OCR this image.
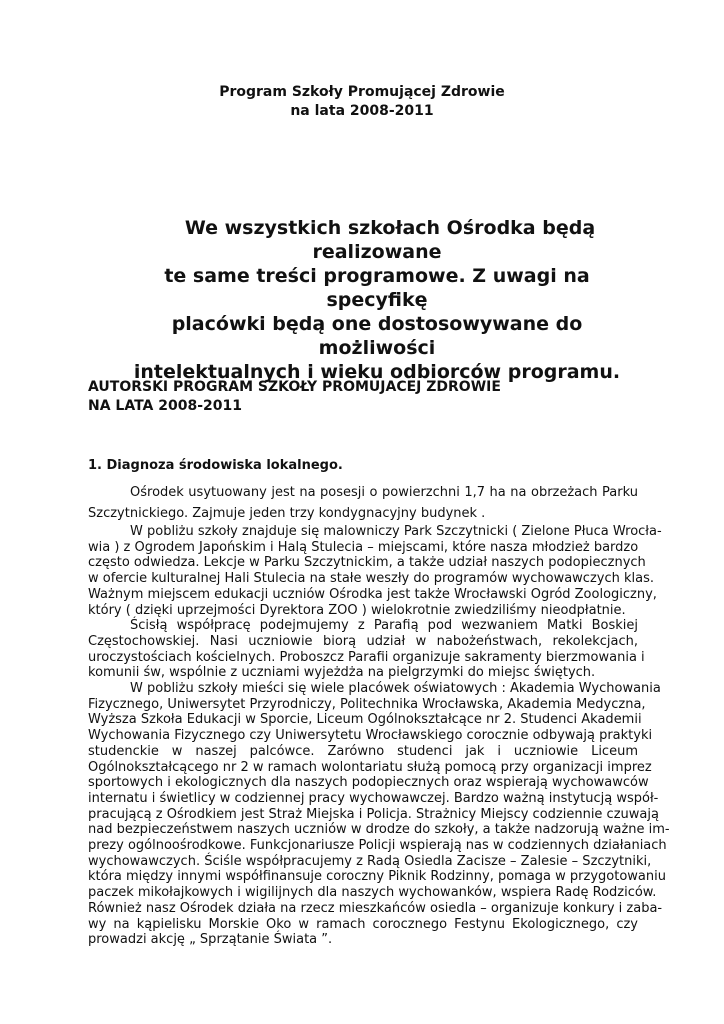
Program Szkoły Promującej Zdrowie
na lata 2008-2011
We wszystkich szkołach Ośrodka będą realizowane
te same treści programowe. Z uwagi na specyfikę
placówki będą one dostosowywane do możliwości
intelektualnych i wieku odbiorców programu.
AUTORSKI PROGRAM SZKOŁY PROMUJACEJ ZDROWIE
NA LATA 2008-2011
1. Diagnoza środowiska lokalnego.
Ośrodek usytuowany jest na posesji o powierzchni 1,7 ha na obrzeżach Parku
Szczytnickiego. Zajmuje jeden trzy kondygnacyjny budynek .
W pobliżu szkoły znajduje się malowniczy Park Szczytnicki ( Zielone Płuca Wrocła-
wia ) z Ogrodem Japońskim i Halą Stulecia – miejscami, które nasza młodzież bardzo
często odwiedza. Lekcje w Parku Szczytnickim, a także udział naszych podopiecznych
w ofercie kulturalnej Hali Stulecia na stałe weszły do programów wychowawczych klas.
Ważnym miejscem edukacji uczniów Ośrodka jest także Wrocławski Ogród Zoologiczny,
który ( dzięki uprzejmości Dyrektora ZOO ) wielokrotnie zwiedziliśmy nieodpłatnie.
Ścisłą współpracę podejmujemy z Parafią pod wezwaniem Matki Boskiej
Częstochowskiej. Nasi uczniowie biorą udział w nabożeństwach, rekolekcjach,
uroczystościach kościelnych. Proboszcz Parafii organizuje sakramenty bierzmowania i
komunii św, wspólnie z uczniami wyjeżdża na pielgrzymki do miejsc świętych.
W pobliżu szkoły mieści się wiele placówek oświatowych : Akademia Wychowania
Fizycznego, Uniwersytet Przyrodniczy, Politechnika Wrocławska, Akademia Medyczna,
Wyższa Szkoła Edukacji w Sporcie, Liceum Ogólnokształcące nr 2. Studenci Akademii
Wychowania Fizycznego czy Uniwersytetu Wrocławskiego corocznie odbywają praktyki
studenckie w naszej palcówce. Zarówno studenci jak i uczniowie Liceum
Ogólnokształcącego nr 2 w ramach wolontariatu służą pomocą przy organizacji imprez
sportowych i ekologicznych dla naszych podopiecznych oraz wspierają wychowawców
internatu i świetlicy w codziennej pracy wychowawczej. Bardzo ważną instytucją współ-
pracującą z Ośrodkiem jest Straż Miejska i Policja. Strażnicy Miejscy codziennie czuwają
nad bezpieczeństwem naszych uczniów w drodze do szkoły, a także nadzorują ważne im-
prezy ogólnoośrodkowe. Funkcjonariusze Policji wspierają nas w codziennych działaniach
wychowawczych. Ściśle współpracujemy z Radą Osiedla Zacisze – Zalesie – Szczytniki,
która między innymi współfinansuje coroczny Piknik Rodzinny, pomaga w przygotowaniu
paczek mikołajkowych i wigilijnych dla naszych wychowanków, wspiera Radę Rodziców.
Również nasz Ośrodek działa na rzecz mieszkańców osiedla – organizuje konkury i zaba-
wy na kąpielisku Morskie Oko w ramach corocznego Festynu Ekologicznego, czy
prowadzi akcję „ Sprzątanie Świata ”.
